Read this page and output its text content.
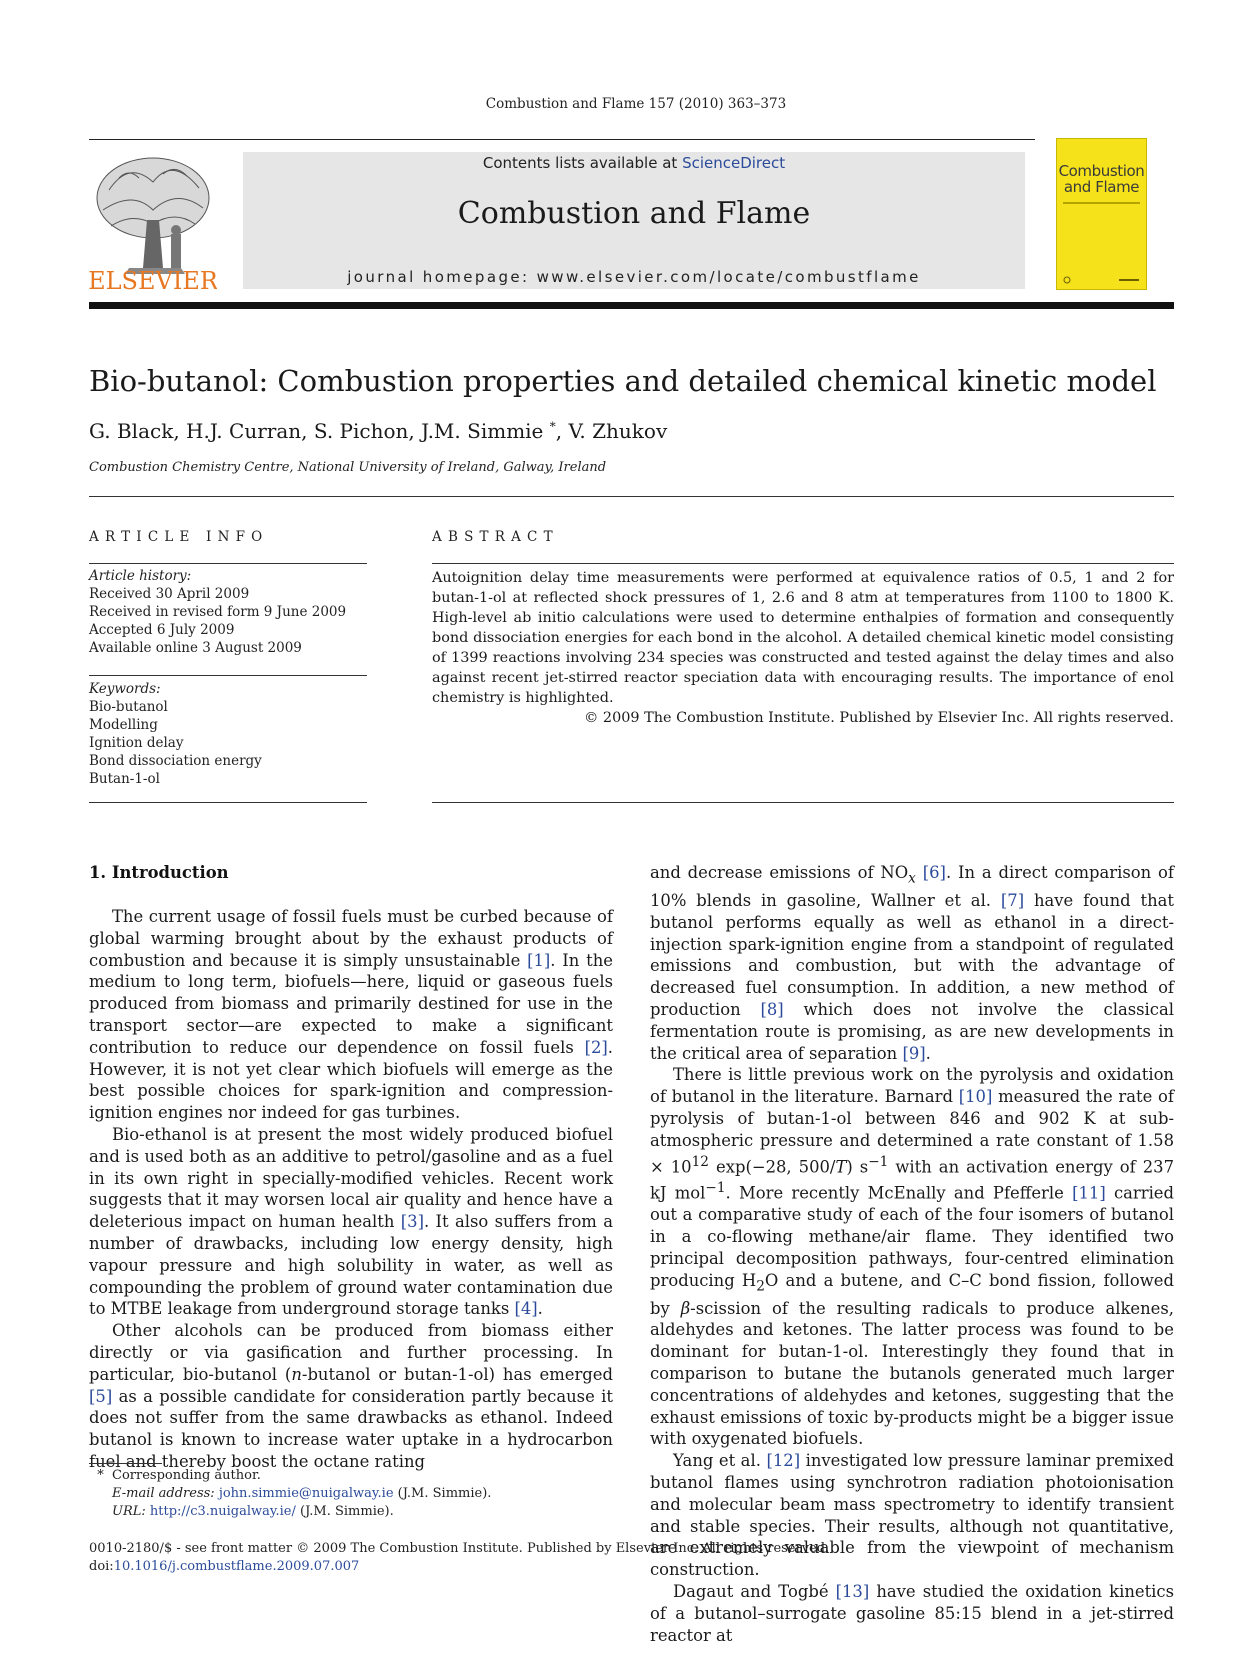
Combustion and Flame 157 (2010) 363–373
ELSEVIER
Contents lists available at ScienceDirect
Combustion and Flame
journal homepage: www.elsevier.com/locate/combustflame
Combustion
and Flame
Bio-butanol: Combustion properties and detailed chemical kinetic model
G. Black, H.J. Curran, S. Pichon, J.M. Simmie *, V. Zhukov
Combustion Chemistry Centre, National University of Ireland, Galway, Ireland
ARTICLE INFO	ABSTRACT
Article history:
Received 30 April 2009
Received in revised form 9 June 2009
Accepted 6 July 2009
Available online 3 August 2009
Keywords:
Bio-butanol
Modelling
Ignition delay
Bond dissociation energy
Butan-1-ol
Autoignition delay time measurements were performed at equivalence ratios of 0.5, 1 and 2 for butan-1-ol at reflected shock pressures of 1, 2.6 and 8 atm at temperatures from 1100 to 1800 K. High-level ab initio calculations were used to determine enthalpies of formation and consequently bond dissociation energies for each bond in the alcohol. A detailed chemical kinetic model consisting of 1399 reactions involving 234 species was constructed and tested against the delay times and also against recent jet-stirred reactor speciation data with encouraging results. The importance of enol chemistry is highlighted.
© 2009 The Combustion Institute. Published by Elsevier Inc. All rights reserved.
1. Introduction

The current usage of fossil fuels must be curbed because of global warming brought about by the exhaust products of combustion and because it is simply unsustainable [1]. In the medium to long term, biofuels—here, liquid or gaseous fuels produced from biomass and primarily destined for use in the transport sector—are expected to make a significant contribution to reduce our dependence on fossil fuels [2]. However, it is not yet clear which biofuels will emerge as the best possible choices for spark-ignition and compression-ignition engines nor indeed for gas turbines.

Bio-ethanol is at present the most widely produced biofuel and is used both as an additive to petrol/gasoline and as a fuel in its own right in specially-modified vehicles. Recent work suggests that it may worsen local air quality and hence have a deleterious impact on human health [3]. It also suffers from a number of drawbacks, including low energy density, high vapour pressure and high solubility in water, as well as compounding the problem of ground water contamination due to MTBE leakage from underground storage tanks [4].

Other alcohols can be produced from biomass either directly or via gasification and further processing. In particular, bio-butanol (n-butanol or butan-1-ol) has emerged [5] as a possible candidate for consideration partly because it does not suffer from the same drawbacks as ethanol. Indeed butanol is known to increase water uptake in a hydrocarbon fuel and thereby boost the octane rating

and decrease emissions of $NO_x$ [6]. In a direct comparison of 10% blends in gasoline, Wallner et al. [7] have found that butanol performs equally as well as ethanol in a direct-injection spark-ignition engine from a standpoint of regulated emissions and combustion, but with the advantage of decreased fuel consumption. In addition, a new method of production [8] which does not involve the classical fermentation route is promising, as are new developments in the critical area of separation [9].

There is little previous work on the pyrolysis and oxidation of butanol in the literature. Barnard [10] measured the rate of pyrolysis of butan-1-ol between 846 and 902 K at sub-atmospheric pressure and determined a rate constant of $1.58 \times 10^{12}$ exp(−28, 500/T) $s^{-1}$ with an activation energy of 237 kJ mol$^{-1}$. More recently McEnally and Pfefferle [11] carried out a comparative study of each of the four isomers of butanol in a co-flowing methane/air flame. They identified two principal decomposition pathways, four-centred elimination producing $H_2O$ and a butene, and C–C bond fission, followed by β-scission of the resulting radicals to produce alkenes, aldehydes and ketones. The latter process was found to be dominant for butan-1-ol. Interestingly they found that in comparison to butane the butanols generated much larger concentrations of aldehydes and ketones, suggesting that the exhaust emissions of toxic by-products might be a bigger issue with oxygenated biofuels.

Yang et al. [12] investigated low pressure laminar premixed butanol flames using synchrotron radiation photoionisation and molecular beam mass spectrometry to identify transient and stable species. Their results, although not quantitative, are extremely valuable from the viewpoint of mechanism construction.

Dagaut and Togbé [13] have studied the oxidation kinetics of a butanol–surrogate gasoline 85:15 blend in a jet-stirred reactor at

* Corresponding author.
E-mail address: john.simmie@nuigalway.ie (J.M. Simmie).
URL: http://c3.nuigalway.ie/ (J.M. Simmie).
0010-2180/$ - see front matter © 2009 The Combustion Institute. Published by Elsevier Inc. All rights reserved.
doi:10.1016/j.combustflame.2009.07.007
